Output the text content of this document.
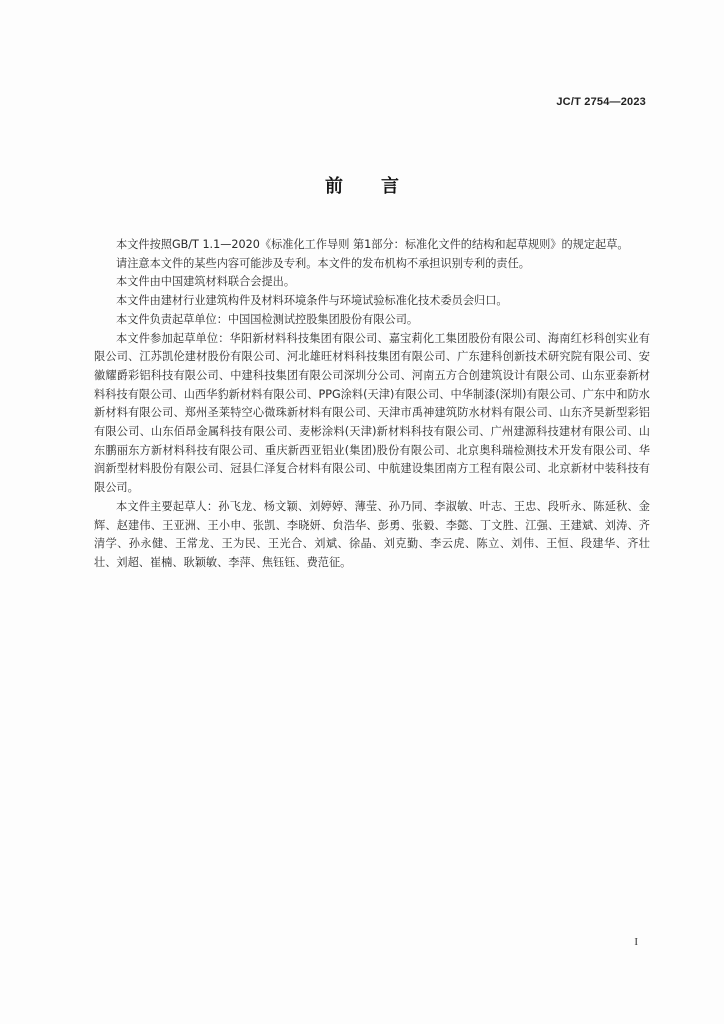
JC/T 2754—2023
前言

本文件按照GB/T 1.1—2020《标准化工作导则 第1部分：标准化文件的结构和起草规则》的规定起草。

请注意本文件的某些内容可能涉及专利。本文件的发布机构不承担识别专利的责任。

本文件由中国建筑材料联合会提出。

本文件由建材行业建筑构件及材料环境条件与环境试验标准化技术委员会归口。

本文件负责起草单位：中国国检测试控股集团股份有限公司。

本文件参加起草单位：华阳新材料科技集团有限公司、嘉宝莉化工集团股份有限公司、海南红杉科创实业有限公司、江苏凯伦建材股份有限公司、河北雄旺材料科技集团有限公司、广东建科创新技术研究院有限公司、安徽耀爵彩铝科技有限公司、中建科技集团有限公司深圳分公司、河南五方合创建筑设计有限公司、山东亚泰新材料科技有限公司、山西华豹新材料有限公司、PPG涂料(天津)有限公司、中华制漆(深圳)有限公司、广东中和防水新材料有限公司、郑州圣莱特空心微珠新材料有限公司、天津市禹神建筑防水材料有限公司、山东齐昊新型彩铝有限公司、山东佰昂金属科技有限公司、麦彬涂料(天津)新材料科技有限公司、广州建源科技建材有限公司、山东鹏丽东方新材料科技有限公司、重庆新西亚铝业(集团)股份有限公司、北京奥科瑞检测技术开发有限公司、华润新型材料股份有限公司、冠县仁泽复合材料有限公司、中航建设集团南方工程有限公司、北京新材中装科技有限公司。

本文件主要起草人：孙飞龙、杨文颖、刘婷婷、薄莹、孙乃同、李淑敏、叶志、王忠、段听永、陈延秋、金辉、赵建伟、王亚洲、王小申、张凯、李晓妍、贠浩华、彭勇、张毅、李懿、丁文胜、江强、王建斌、刘涛、齐清学、孙永健、王常龙、王为民、王光合、刘斌、徐晶、刘克勤、李云虎、陈立、刘伟、王恒、段建华、齐壮壮、刘超、崔楠、耿颖敏、李萍、焦钰钰、费范征。

I
